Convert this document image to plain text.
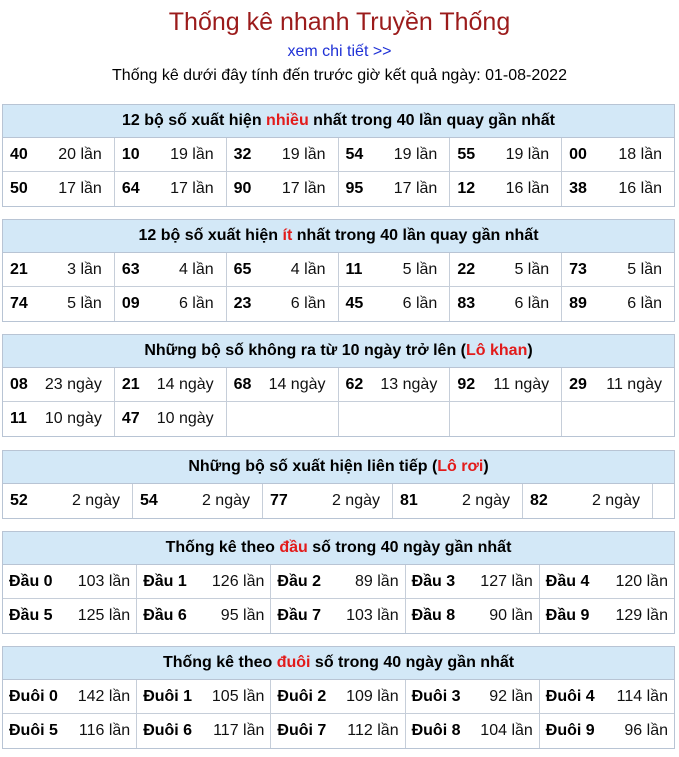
Thống kê nhanh Truyền Thống
xem chi tiết >>
Thống kê dưới đây tính đến trước giờ kết quả ngày: 01-08-2022
12 bộ số xuất hiện nhiều nhất trong 40 lần quay gần nhất
40 20 lần 10 19 lần 32 19 lần 54 19 lần 55 19 lần 00 18 lần
50 17 lần 64 17 lần 90 17 lần 95 17 lần 12 16 lần 38 16 lần
12 bộ số xuất hiện ít nhất trong 40 lần quay gần nhất
21 3 lần 63 4 lần 65 4 lần 11	5 lần 22 5 lần 73	5 lần
74 5 lần 09 6 lần 23 6 lần 45 6 lần 83 6 lần 89	6 lần
Những bộ số không ra từ 10 ngày trở lên (Lô khan)
08 23 ngày 21 14 ngày 68 14 ngày 62 13 ngày 92 11 ngày 29 11 ngày
11 10 ngày 47 10 ngày
Những bộ số xuất hiện liên tiếp (Lô rơi)
52	2 ngày 54	2 ngày 77	2 ngày 81	2 ngày 82	2 ngày
Thống kê theo đầu số trong 40 ngày gần nhất
Đầu 0 103 lần Đầu 1 126 lần Đầu 2 89 lần Đầu 3 127 lần Đầu 4 120 lần
Đầu 5 125 lần Đầu 6 95 lần Đầu 7 103 lần Đầu 8 90 lần Đầu 9 129 lần
Thống kê theo đuôi số trong 40 ngày gần nhất
Đuôi 0 142 lần Đuôi 1 105 lần Đuôi 2 109 lần Đuôi 3 92 lần Đuôi 4 114 lần
Đuôi 5 116 lần Đuôi 6 117 lần Đuôi 7 112 lần Đuôi 8 104 lần Đuôi 9 96 lần
